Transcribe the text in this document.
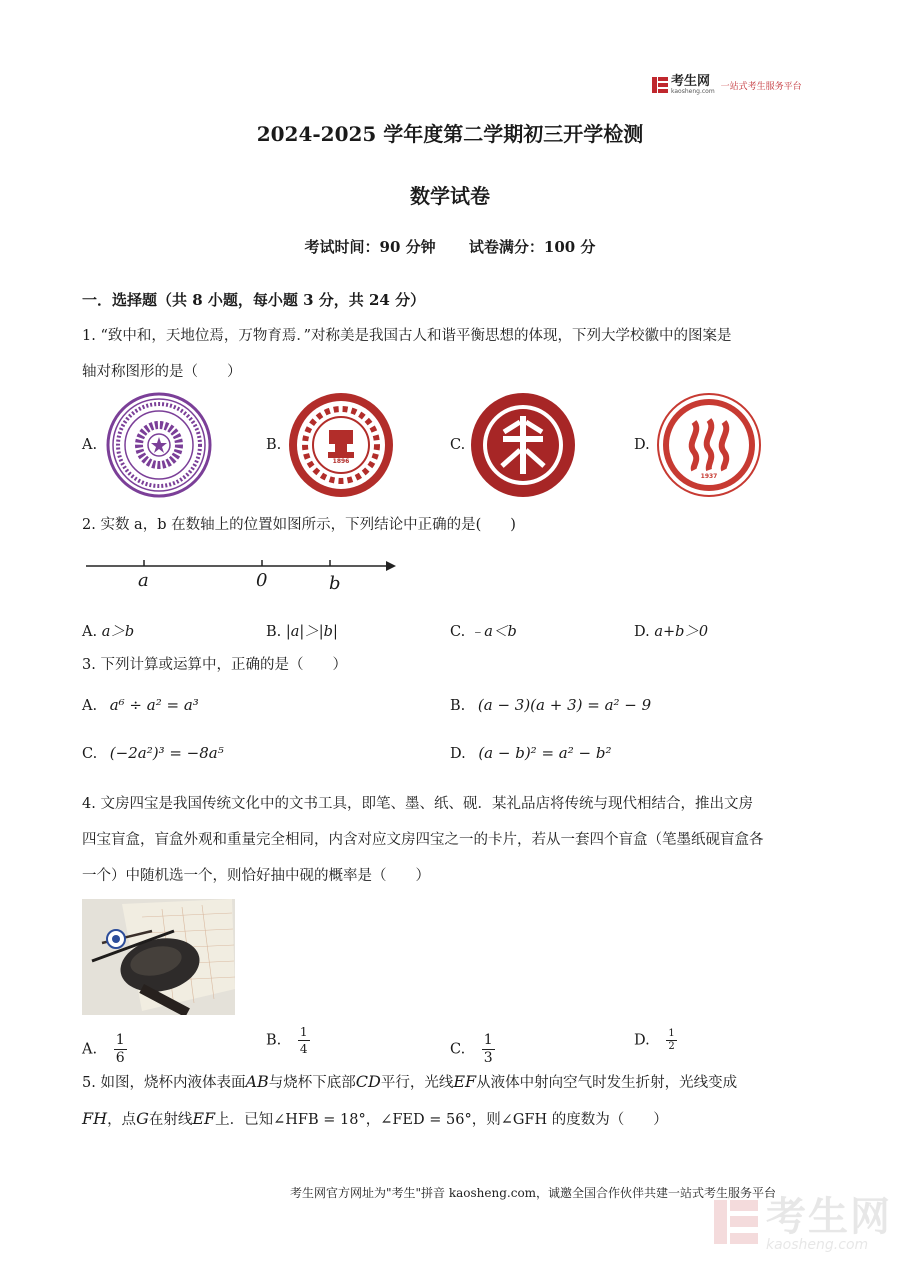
考生网
kaosheng.com 一站式考生服务平台
2024-2025 学年度第二学期初三开学检测
数学试卷
考试时间：90 分钟 试卷满分：100 分
一．选择题（共 8 小题，每小题 3 分，共 24 分）
1. “致中和，天地位焉，万物育焉．”对称美是我国古人和谐平衡思想的体现，下列大学校徽中的图案是
轴对称图形的是（　　）
A.	B.
1896
C.	D.
1937
2. 实数 a，b 在数轴上的位置如图所示，下列结论中正确的是(　　)
a	0	b
A. a＞b	B. |a|＞|b|	C. ﹣a＜b	D. a+b＞0
3. 下列计算或运算中，正确的是（　　）
A. a⁶ ÷ a² = a³	B. (a − 3)(a + 3) = a² − 9
C. (−2a²)³ = −8a⁵	D. (a − b)² = a² − b²
4. 文房四宝是我国传统文化中的文书工具，即笔、墨、纸、砚．某礼品店将传统与现代相结合，推出文房
四宝盲盒，盲盒外观和重量完全相同，内含对应文房四宝之一的卡片，若从一套四个盲盒（笔墨纸砚盲盒各
一个）中随机选一个，则恰好抽中砚的概率是（　　）
A. $\frac{1}{6}$	B. $\frac{1}{4}$	C. $\frac{1}{3}$	D. $\frac{1}{2}$
5. 如图，烧杯内液体表面AB与烧杯下底部CD平行，光线EF从液体中射向空气时发生折射，光线变成
FH，点G在射线EF上．已知∠HFB = 18°，∠FED = 56°，则∠GFH 的度数为（　　）
考生网官方网址为"考生"拼音 kaosheng.com，诚邀全国合作伙伴共建一站式考生服务平台
考生网
kaosheng.com
